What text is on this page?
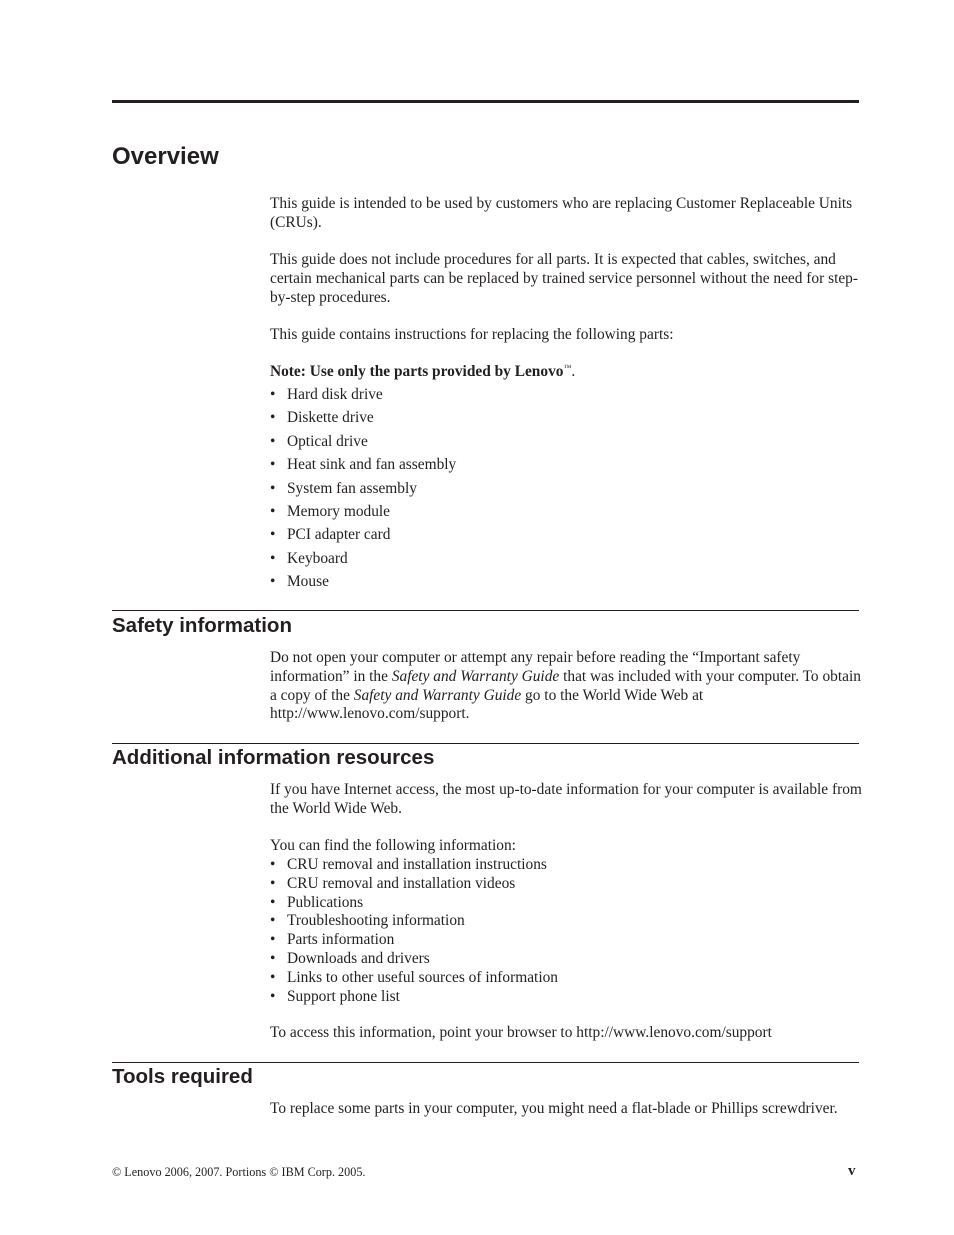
Overview

This guide is intended to be used by customers who are replacing Customer Replaceable Units (CRUs).

This guide does not include procedures for all parts. It is expected that cables, switches, and certain mechanical parts can be replaced by trained service personnel without the need for step-by-step procedures.

This guide contains instructions for replacing the following parts:

Note: Use only the parts provided by Lenovo™.

• Hard disk drive
• Diskette drive
• Optical drive
• Heat sink and fan assembly
• System fan assembly
• Memory module
• PCI adapter card
• Keyboard
• Mouse
Safety information

Do not open your computer or attempt any repair before reading the “Important safety information” in the Safety and Warranty Guide that was included with your computer. To obtain a copy of the Safety and Warranty Guide go to the World Wide Web at http://www.lenovo.com/support.

Additional information resources

If you have Internet access, the most up-to-date information for your computer is available from the World Wide Web.

You can find the following information:

• CRU removal and installation instructions
• CRU removal and installation videos
• Publications
• Troubleshooting information
• Parts information
• Downloads and drivers
• Links to other useful sources of information
• Support phone list

To access this information, point your browser to http://www.lenovo.com/support

Tools required

To replace some parts in your computer, you might need a flat-blade or Phillips screwdriver.

© Lenovo 2006, 2007. Portions © IBM Corp. 2005.	v
